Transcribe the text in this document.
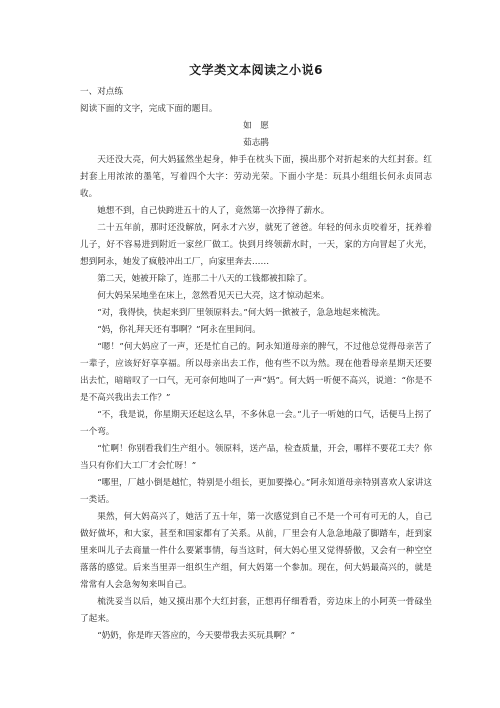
文学类文本阅读之小说6

一、对点练

阅读下面的文字，完成下面的题目。

如　愿

茹志鹃

天还没大亮，何大妈猛然坐起身，伸手在枕头下面，摸出那个对折起来的大红封套。红封套上用浓浓的墨笔，写着四个大字：劳动光荣。下面小字是：玩具小组组长何永贞同志收。

她想不到，自己快跨进五十的人了，竟然第一次挣得了薪水。

二十五年前，那时还没解放，阿永才六岁，就死了爸爸。年轻的何永贞咬着牙，抚养着儿子，好不容易进到附近一家丝厂做工。快到月终领薪水时，一天，家的方向冒起了火光，想到阿永，她发了疯般冲出工厂，向家里奔去……

第二天，她被开除了，连那二十八天的工钱都被扣除了。

何大妈呆呆地坐在床上，忽然看见天已大亮，这才惊动起来。

“对，我得快，快起来到厂里领原料去。”何大妈一掀被子，急急地起来梳洗。

“妈，你礼拜天还有事啊？”阿永在里间问。

“嗯！”何大妈应了一声，还是忙自己的。阿永知道母亲的脾气，不过他总觉得母亲苦了一辈子，应该好好享享福。所以母亲出去工作，他有些不以为然。现在他看母亲星期天还要出去忙，暗暗叹了一口气，无可奈何地叫了一声“妈”。何大妈一听便不高兴，说道：“你是不是不高兴我出去工作？”

“不，我是说，你星期天还起这么早，不多休息一会。”儿子一听她的口气，话便马上拐了一个弯。

“忙啊！你别看我们生产组小。领原料，送产品，检查质量，开会，哪样不要花工夫？你当只有你们大工厂才会忙呀！”

“哪里，厂越小倒是越忙，特别是小组长，更加要操心。”阿永知道母亲特别喜欢人家讲这一类话。

果然，何大妈高兴了，她活了五十年，第一次感觉到自己不是一个可有可无的人，自己做好做坏，和大家，甚至和国家都有了关系。从前，厂里会有人急急地敲了脚踏车，赶到家里来叫儿子去商量一件什么要紧事情，每当这时，何大妈心里又觉得骄傲，又会有一种空空落落的感觉。后来当里弄一组织生产组，何大妈第一个参加。现在，何大妈最高兴的，就是常常有人会急匆匆来叫自己。

梳洗妥当以后，她又摸出那个大红封套，正想再仔细看看，旁边床上的小阿英一骨碌坐了起来。

“奶奶，你是昨天答应的，今天要带我去买玩具啊？”
